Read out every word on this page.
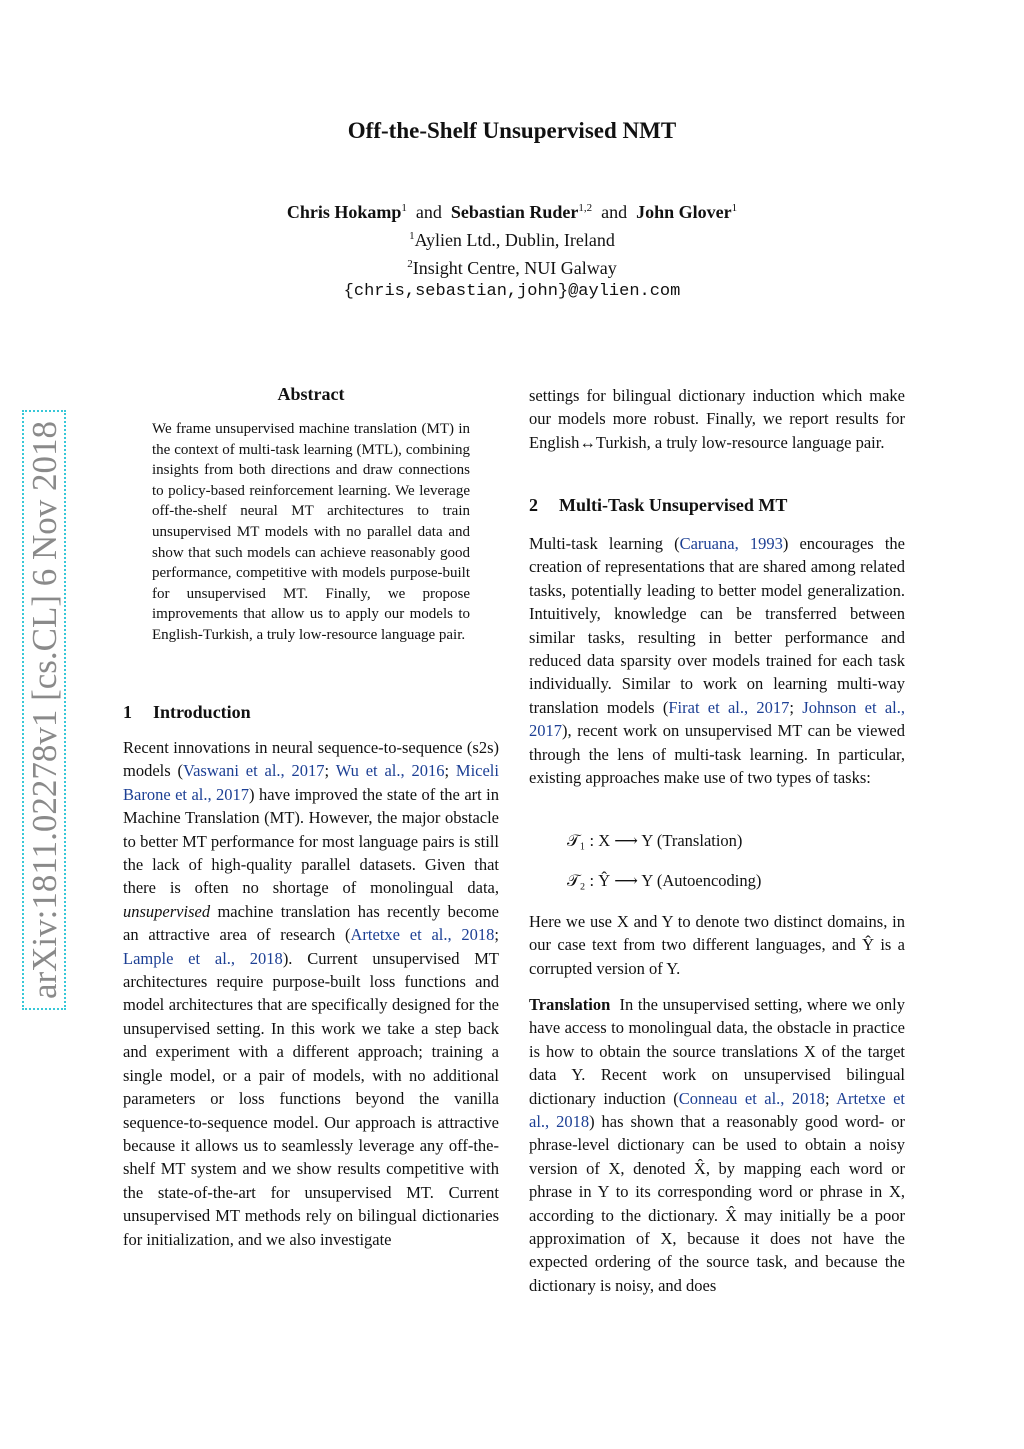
Off-the-Shelf Unsupervised NMT
Chris Hokamp$^1$ and Sebastian Ruder$^{1,2}$ and John Glover$^1$
$^1$Aylien Ltd., Dublin, Ireland
$^2$Insight Centre, NUI Galway
{chris,sebastian,john}@aylien.com
arXiv:1811.02278v1 [cs.CL] 6 Nov 2018
Abstract
We frame unsupervised machine translation (MT) in the context of multi-task learning (MTL), combining insights from both directions and draw connections to policy-based reinforcement learning. We leverage off-the-shelf neural MT architectures to train unsupervised MT models with no parallel data and show that such models can achieve reasonably good performance, competitive with models purpose-built for unsupervised MT. Finally, we propose improvements that allow us to apply our models to English-Turkish, a truly low-resource language pair.
1 Introduction

Recent innovations in neural sequence-to-sequence (s2s) models (Vaswani et al., 2017; Wu et al., 2016; Miceli Barone et al., 2017) have improved the state of the art in Machine Translation (MT). However, the major obstacle to better MT performance for most language pairs is still the lack of high-quality parallel datasets. Given that there is often no shortage of monolingual data, unsupervised machine translation has recently become an attractive area of research (Artetxe et al., 2018; Lample et al., 2018). Current unsupervised MT architectures require purpose-built loss functions and model architectures that are specifically designed for the unsupervised setting. In this work we take a step back and experiment with a different approach; training a single model, or a pair of models, with no additional parameters or loss functions beyond the vanilla sequence-to-sequence model. Our approach is attractive because it allows us to seamlessly leverage any off-the-shelf MT system and we show results competitive with the state-of-the-art for unsupervised MT. Current unsupervised MT methods rely on bilingual dictionaries for initialization, and we also investigate

settings for bilingual dictionary induction which make our models more robust. Finally, we report results for English↔Turkish, a truly low-resource language pair.

2 Multi-Task Unsupervised MT

Multi-task learning (Caruana, 1993) encourages the creation of representations that are shared among related tasks, potentially leading to better model generalization. Intuitively, knowledge can be transferred between similar tasks, resulting in better performance and reduced data sparsity over models trained for each task individually. Similar to work on learning multi-way translation models (Firat et al., 2017; Johnson et al., 2017), recent work on unsupervised MT can be viewed through the lens of multi-task learning. In particular, existing approaches make use of two types of tasks:

𝒯₁ : X ⟶ Y (Translation)
𝒯₂ : Ŷ ⟶ Y (Autoencoding)

Here we use X and Y to denote two distinct domains, in our case text from two different languages, and Ŷ is a corrupted version of Y.

Translation In the unsupervised setting, where we only have access to monolingual data, the obstacle in practice is how to obtain the source translations X of the target data Y. Recent work on unsupervised bilingual dictionary induction (Conneau et al., 2018; Artetxe et al., 2018) has shown that a reasonably good word- or phrase-level dictionary can be used to obtain a noisy version of X, denoted X̂, by mapping each word or phrase in Y to its corresponding word or phrase in X, according to the dictionary. X̂ may initially be a poor approximation of X, because it does not have the expected ordering of the source task, and because the dictionary is noisy, and does
